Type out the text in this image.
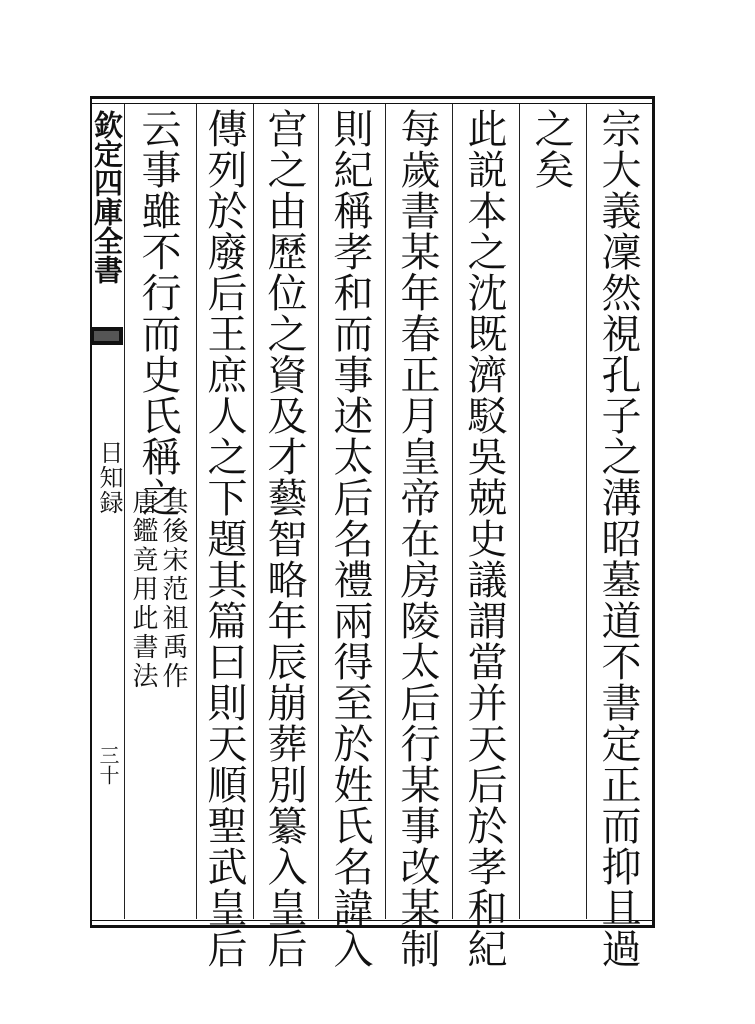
欽定四庫全書
日知録
三十	宗大義凜然視孔子之溝昭墓道不書定正而抑且過
之矣
此説本之沈既濟駁吳兢史議謂當并天后於孝和紀
每歲書某年春正月皇帝在房陵太后行某事改某制
則紀稱孝和而事述太后名禮兩得至於姓氏名諱入
宫之由歷位之資及才藝智略年辰崩葬別纂入皇后
傳列於廢后王庶人之下題其篇曰則天順聖武皇后
云事雖不行而史氏稱之
其後宋范祖禹作
唐鑑竟用此書法
